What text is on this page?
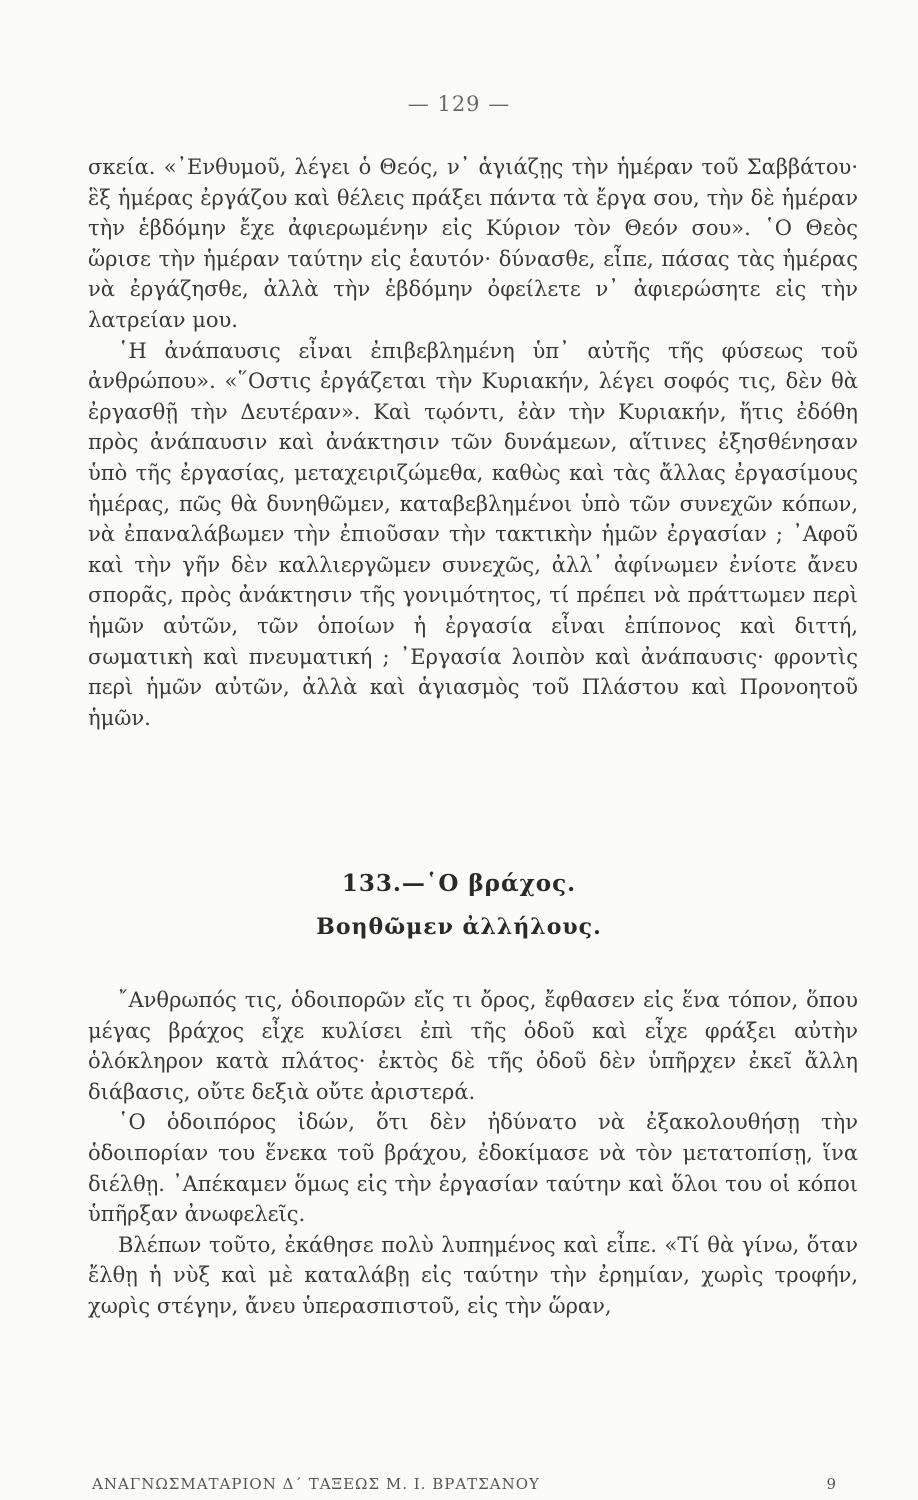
— 129 —

σκεία. «᾿Ενθυμοῦ, λέγει ὁ Θεός, ν᾿ ἁγιάζῃς τὴν ἡμέραν τοῦ Σαββάτου· ἓξ ἡμέρας ἐργάζου καὶ θέλεις πράξει πάντα τὰ ἔργα σου, τὴν δὲ ἡμέραν τὴν ἑβδόμην ἔχε ἀφιερωμένην εἰς Κύριον τὸν Θεόν σου». ῾Ο Θεὸς ὥρισε τὴν ἡμέραν ταύτην εἰς ἑαυτόν· δύνασθε, εἶπε, πάσας τὰς ἡμέρας νὰ ἐργάζησθε, ἀλλὰ τὴν ἑβδόμην ὀφείλετε ν᾿ ἀφιερώσητε εἰς τὴν λατρείαν μου.

῾Η ἀνάπαυσις εἶναι ἐπιβεβλημένη ὑπ᾿ αὐτῆς τῆς φύσεως τοῦ ἀνθρώπου». «῞Οστις ἐργάζεται τὴν Κυριακήν, λέγει σοφός τις, δὲν θὰ ἐργασθῇ τὴν Δευτέραν». Καὶ τῳόντι, ἐὰν τὴν Κυριακήν, ἥτις ἐδόθη πρὸς ἀνάπαυσιν καὶ ἀνάκτησιν τῶν δυνάμεων, αἵτινες ἐξησθένησαν ὑπὸ τῆς ἐργασίας, μεταχειριζώμεθα, καθὼς καὶ τὰς ἄλλας ἐργασίμους ἡμέρας, πῶς θὰ δυνηθῶμεν, καταβεβλημένοι ὑπὸ τῶν συνεχῶν κόπων, νὰ ἐπαναλάβωμεν τὴν ἐπιοῦσαν τὴν τακτικὴν ἡμῶν ἐργασίαν ; ᾿Αφοῦ καὶ τὴν γῆν δὲν καλλιεργῶμεν συνεχῶς, ἀλλ᾿ ἀφίνωμεν ἐνίοτε ἄνευ σπορᾶς, πρὸς ἀνάκτησιν τῆς γονιμότητος, τί πρέπει νὰ πράττωμεν περὶ ἡμῶν αὐτῶν, τῶν ὁποίων ἡ ἐργασία εἶναι ἐπίπονος καὶ διττή, σωματικὴ καὶ πνευματική ; ᾿Εργασία λοιπὸν καὶ ἀνάπαυσις· φροντὶς περὶ ἡμῶν αὐτῶν, ἀλλὰ καὶ ἁγιασμὸς τοῦ Πλάστου καὶ Προνοητοῦ ἡμῶν.

133.—῾Ο βράχος.
Βοηθῶμεν ἀλλήλους.

῎Ανθρωπός τις, ὁδοιπορῶν εἴς τι ὄρος, ἔφθασεν εἰς ἕνα τόπον, ὅπου μέγας βράχος εἶχε κυλίσει ἐπὶ τῆς ὁδοῦ καὶ εἶχε φράξει αὐτὴν ὁλόκληρον κατὰ πλάτος· ἐκτὸς δὲ τῆς ὁδοῦ δὲν ὑπῆρχεν ἐκεῖ ἄλλη διάβασις, οὔτε δεξιὰ οὔτε ἀριστερά.

῾Ο ὁδοιπόρος ἰδών, ὅτι δὲν ἠδύνατο νὰ ἐξακολουθήσῃ τὴν ὁδοιπορίαν του ἕνεκα τοῦ βράχου, ἐδοκίμασε νὰ τὸν μετατοπίσῃ, ἵνα διέλθῃ. ᾿Απέκαμεν ὅμως εἰς τὴν ἐργασίαν ταύτην καὶ ὅλοι του οἱ κόποι ὑπῆρξαν ἀνωφελεῖς.

Βλέπων τοῦτο, ἐκάθησε πολὺ λυπημένος καὶ εἶπε. «Τί θὰ γίνω, ὅταν ἔλθῃ ἡ νὺξ καὶ μὲ καταλάβῃ εἰς ταύτην τὴν ἐρημίαν, χωρὶς τροφήν, χωρὶς στέγην, ἄνευ ὑπερασπιστοῦ, εἰς τὴν ὥραν,

ΑΝΑΓΝΩΣΜΑΤΑΡΙΟΝ Δ΄ ΤΑΞΕΩΣ Μ. Ι. ΒΡΑΤΣΑΝΟΥ	9
